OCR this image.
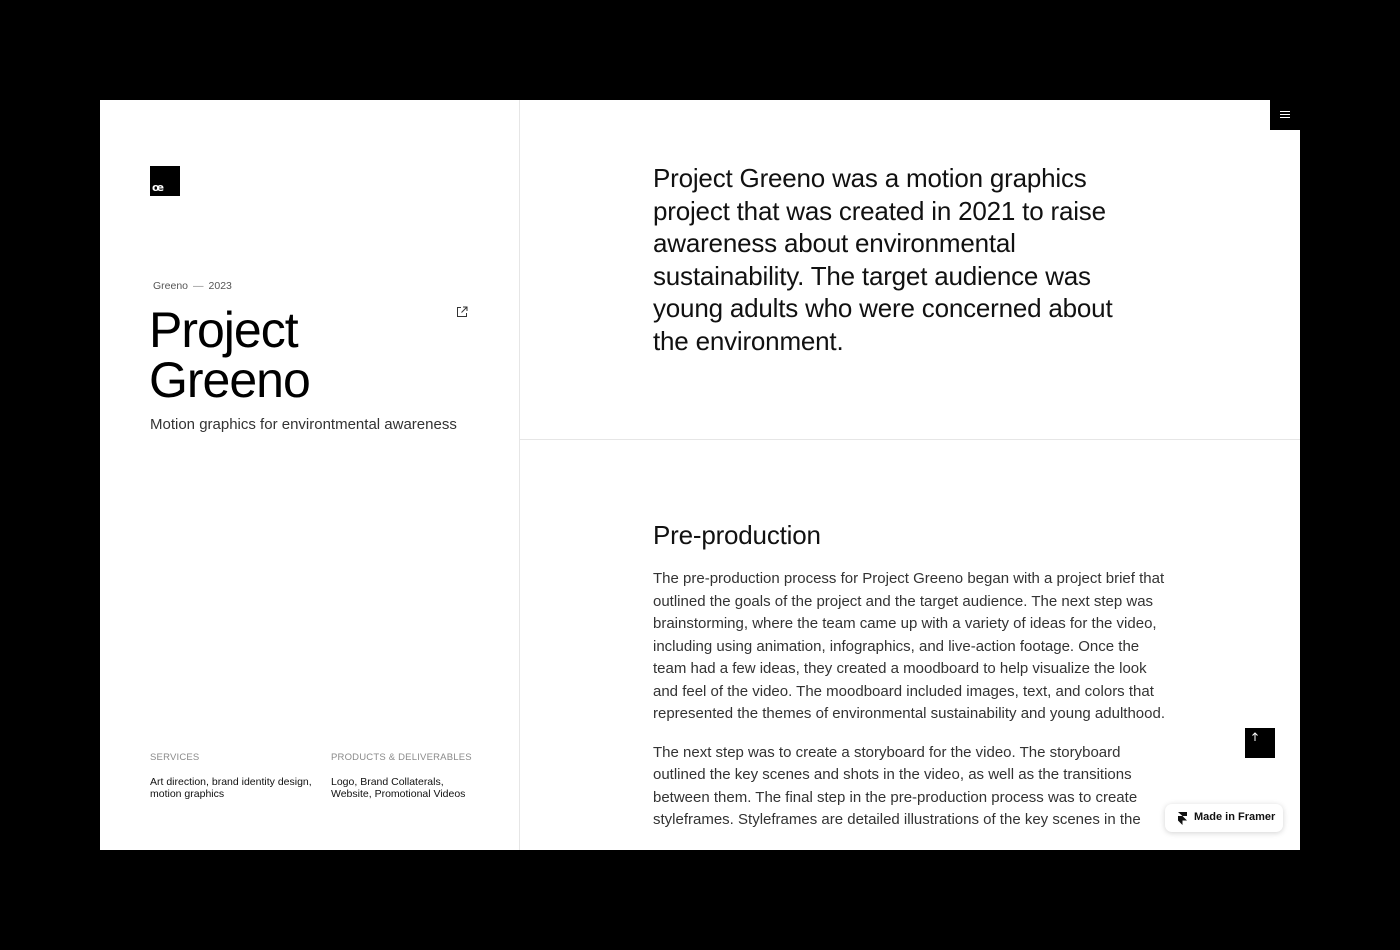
œ
Greeno — 2023
Project
Greeno
Motion graphics for environtmental awareness
SERVICES
Art direction, brand identity design, motion graphics
PRODUCTS & DELIVERABLES
Logo, Brand Collaterals, Website, Promotional Videos

Project Greeno was a motion graphics project that was created in 2021 to raise awareness about environmental sustainability. The target audience was young adults who were concerned about the environment.

Pre-production

The pre-production process for Project Greeno began with a project brief that outlined the goals of the project and the target audience. The next step was brainstorming, where the team came up with a variety of ideas for the video, including using animation, infographics, and live-action footage. Once the team had a few ideas, they created a moodboard to help visualize the look and feel of the video. The moodboard included images, text, and colors that represented the themes of environmental sustainability and young adulthood.

The next step was to create a storyboard for the video. The storyboard outlined the key scenes and shots in the video, as well as the transitions between them. The final step in the pre-production process was to create styleframes. Styleframes are detailed illustrations of the key scenes in the	Made in Framer
